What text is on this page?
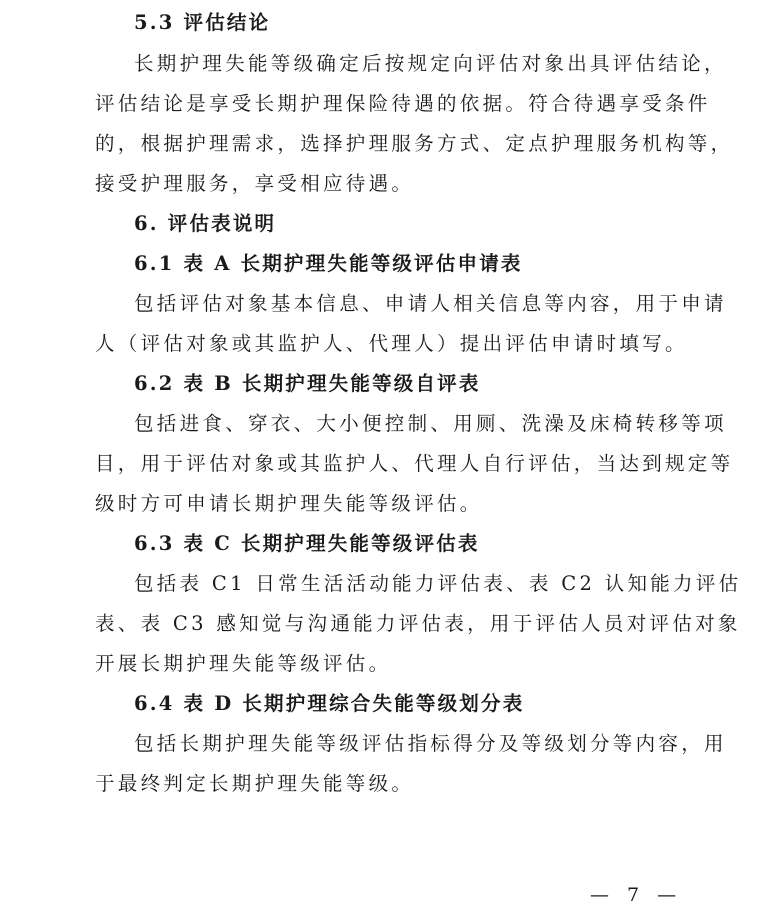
5.3 评估结论
长期护理失能等级确定后按规定向评估对象出具评估结论，
评估结论是享受长期护理保险待遇的依据。符合待遇享受条件
的，根据护理需求，选择护理服务方式、定点护理服务机构等，
接受护理服务，享受相应待遇。
6. 评估表说明
6.1 表 A 长期护理失能等级评估申请表
包括评估对象基本信息、申请人相关信息等内容，用于申请
人（评估对象或其监护人、代理人）提出评估申请时填写。
6.2 表 B 长期护理失能等级自评表
包括进食、穿衣、大小便控制、用厕、洗澡及床椅转移等项
目，用于评估对象或其监护人、代理人自行评估，当达到规定等
级时方可申请长期护理失能等级评估。
6.3 表 C 长期护理失能等级评估表
包括表 C1 日常生活活动能力评估表、表 C2 认知能力评估
表、表 C3 感知觉与沟通能力评估表，用于评估人员对评估对象
开展长期护理失能等级评估。
6.4 表 D 长期护理综合失能等级划分表
包括长期护理失能等级评估指标得分及等级划分等内容，用
于最终判定长期护理失能等级。
— 7 —
